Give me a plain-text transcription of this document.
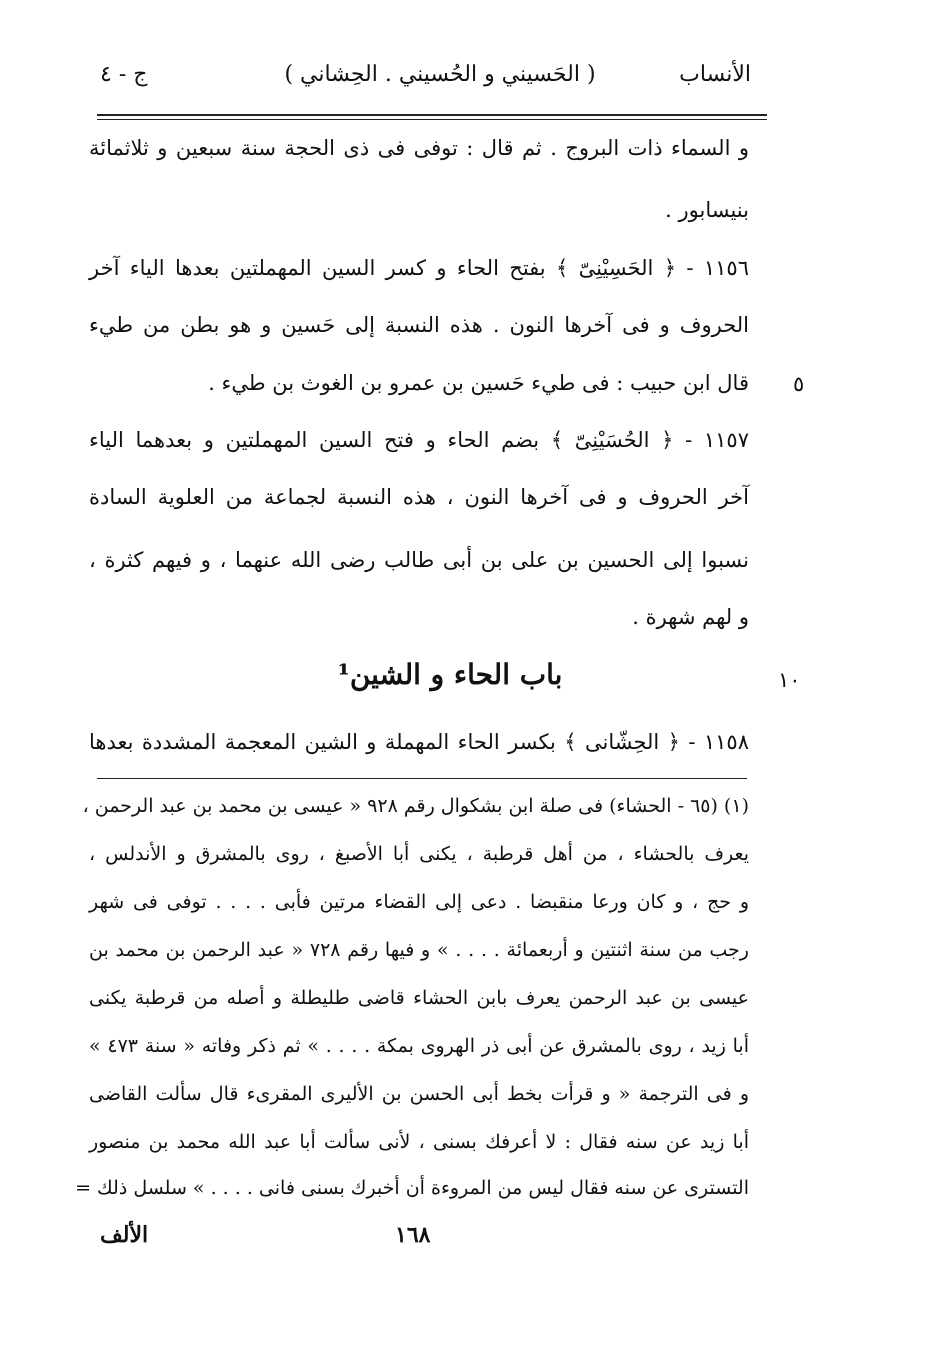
الأنساب
( الحَسيني و الحُسيني . الحِشاني )
ج - ٤
و السماء ذات البروج . ثم قال : توفى فى ذى الحجة سنة سبعين و ثلاثمائة
بنيسابور .
١١٥٦ - ﴿ الحَسِيْنِىّ ﴾ بفتح الحاء و كسر السين المهملتين بعدها الياء آخر
الحروف و فى آخرها النون . هذه النسبة إلى حَسين و هو بطن من طيء
قال ابن حبيب : فى طيء حَسين بن عمرو بن الغوث بن طيء .
١١٥٧ - ﴿ الحُسَيْنِىّ ﴾ بضم الحاء و فتح السين المهملتين و بعدهما الياء
آخر الحروف و فى آخرها النون ، هذه النسبة لجماعة من العلوية السادة
نسبوا إلى الحسين بن على بن أبى طالب رضى الله عنهما ، و فيهم كثرة ،
و لهم شهرة .
٥
١٠
باب الحاء و الشين¹
١١٥٨ - ﴿ الحِشّانى ﴾ بكسر الحاء المهملة و الشين المعجمة المشددة بعدها
(١) (٦٥ - الحشاء) فى صلة ابن بشكوال رقم ٩٢٨ « عيسى بن محمد بن عبد الرحمن ،
يعرف بالحشاء ، من أهل قرطبة ، يكنى أبا الأصبغ ، روى بالمشرق و الأندلس ،
و حج ، و كان ورعا منقبضا . دعى إلى القضاء مرتين فأبى . . . . توفى فى شهر
رجب من سنة اثنتين و أربعمائة . . . . » و فيها رقم ٧٢٨ « عبد الرحمن بن محمد بن
عيسى بن عبد الرحمن يعرف بابن الحشاء قاضى طليطلة و أصله من قرطبة يكنى
أبا زيد ، روى بالمشرق عن أبى ذر الهروى بمكة . . . . » ثم ذكر وفاته « سنة ٤٧٣ »
و فى الترجمة « و قرأت بخط أبى الحسن بن الأليرى المقرىء قال سألت القاضى
أبا زيد عن سنه فقال : لا أعرفك بسنى ، لأنى سألت أبا عبد الله محمد بن منصور
التسترى عن سنه فقال ليس من المروءة أن أخبرك بسنى فانى . . . . » سلسل ذلك =
١٦٨
الألف
